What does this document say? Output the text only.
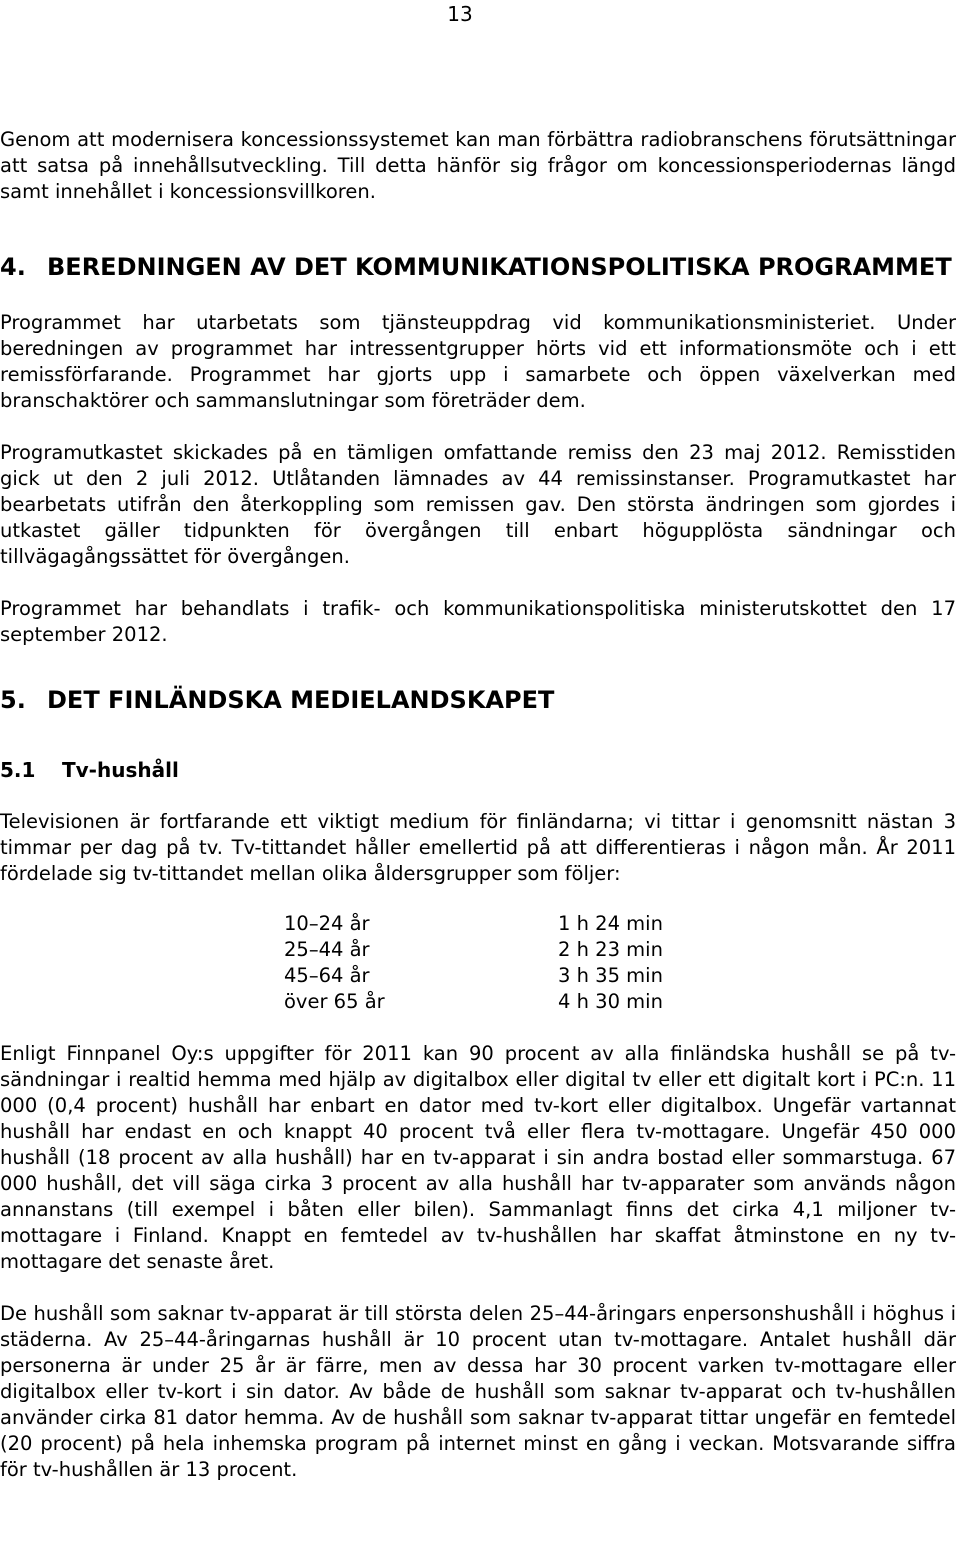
13

Genom att modernisera koncessionssystemet kan man förbättra radiobranschens förutsättningar att satsa på innehållsutveckling. Till detta hänför sig frågor om koncessionsperiodernas längd samt innehållet i koncessionsvillkoren.

4. BEREDNINGEN AV DET KOMMUNIKATIONSPOLITISKA PROGRAMMET

Programmet har utarbetats som tjänsteuppdrag vid kommunikationsministeriet. Under beredningen av programmet har intressentgrupper hörts vid ett informationsmöte och i ett remissförfarande. Programmet har gjorts upp i samarbete och öppen växelverkan med branschaktörer och sammanslutningar som företräder dem.

Programutkastet skickades på en tämligen omfattande remiss den 23 maj 2012. Remisstiden gick ut den 2 juli 2012. Utlåtanden lämnades av 44 remissinstanser. Programutkastet har bearbetats utifrån den återkoppling som remissen gav. Den största ändringen som gjordes i utkastet gäller tidpunkten för övergången till enbart högupplösta sändningar och tillvägagångssättet för övergången.

Programmet har behandlats i trafik- och kommunikationspolitiska ministerutskottet den 17 september 2012.

5. DET FINLÄNDSKA MEDIELANDSKAPET
5.1	Tv-hushåll

Televisionen är fortfarande ett viktigt medium för finländarna; vi tittar i genomsnitt nästan 3 timmar per dag på tv. Tv-tittandet håller emellertid på att differentieras i någon mån. År 2011 fördelade sig tv-tittandet mellan olika åldersgrupper som följer:

10–24 år	1 h 24 min
25–44 år	2 h 23 min
45–64 år	3 h 35 min
över 65 år	4 h 30 min

Enligt Finnpanel Oy:s uppgifter för 2011 kan 90 procent av alla finländska hushåll se på tv-sändningar i realtid hemma med hjälp av digitalbox eller digital tv eller ett digitalt kort i PC:n. 11 000 (0,4 procent) hushåll har enbart en dator med tv-kort eller digitalbox. Ungefär vartannat hushåll har endast en och knappt 40 procent två eller flera tv-mottagare. Ungefär 450 000 hushåll (18 procent av alla hushåll) har en tv-apparat i sin andra bostad eller sommarstuga. 67 000 hushåll, det vill säga cirka 3 procent av alla hushåll har tv-apparater som används någon annanstans (till exempel i båten eller bilen). Sammanlagt finns det cirka 4,1 miljoner tv-mottagare i Finland. Knappt en femtedel av tv-hushållen har skaffat åtminstone en ny tv-mottagare det senaste året.

De hushåll som saknar tv-apparat är till största delen 25–44-åringars enpersonshushåll i höghus i städerna. Av 25–44-åringarnas hushåll är 10 procent utan tv-mottagare. Antalet hushåll där personerna är under 25 år är färre, men av dessa har 30 procent varken tv-mottagare eller digitalbox eller tv-kort i sin dator. Av både de hushåll som saknar tv-apparat och tv-hushållen använder cirka 81 dator hemma. Av de hushåll som saknar tv-apparat tittar ungefär en femtedel (20 procent) på hela inhemska program på internet minst en gång i veckan. Motsvarande siffra för tv-hushållen är 13 procent.
